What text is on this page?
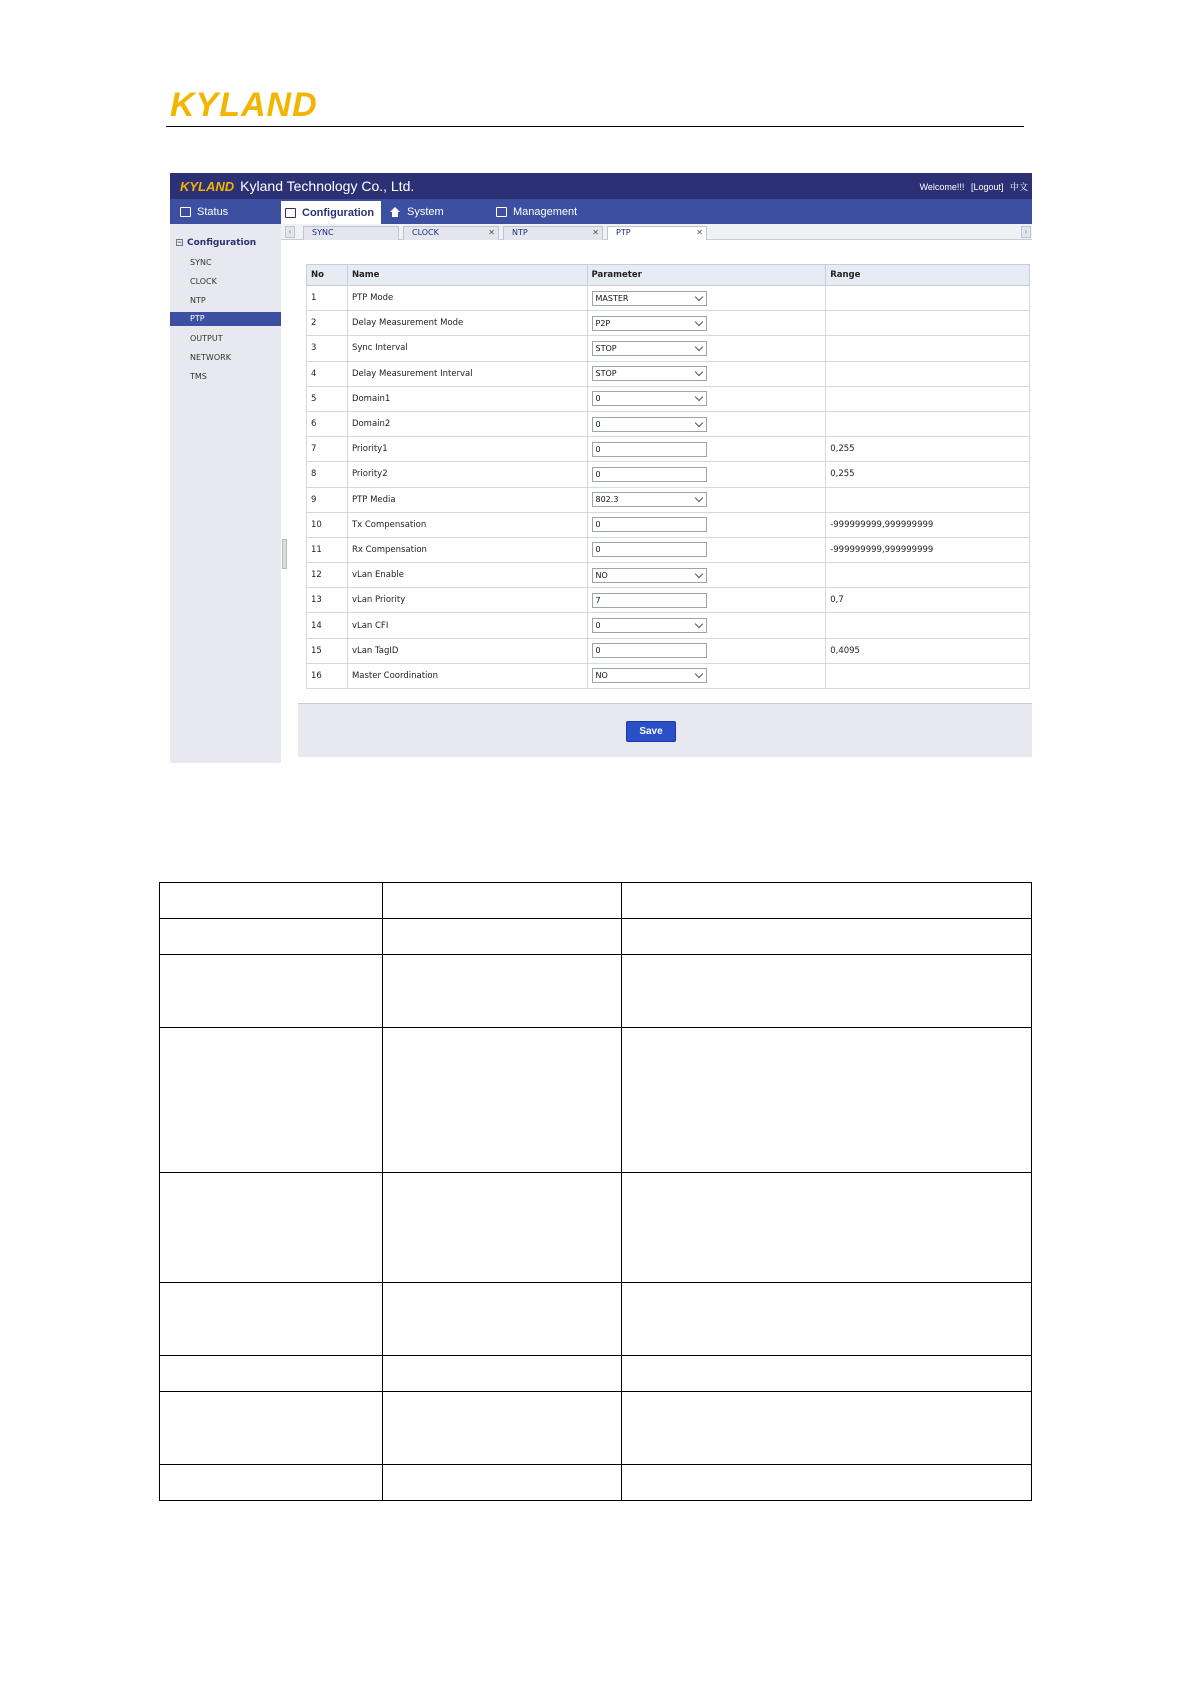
KYLAND
KYLAND Kyland Technology Co., Ltd.	Welcome!!! [Logout] 中文
Status	Configuration	System	Management
− Configuration
SYNC
CLOCK
NTP
PTP
OUTPUT
NETWORK
TMS
‹	SYNC	CLOCK	✕	NTP	✕	PTP	✕	›
No	Name	Parameter	Range
1	PTP Mode	MASTER	

2	Delay Measurement Mode	P2P	

3	Sync Interval	STOP	

4	Delay Measurement Interval	STOP	

5	Domain1	0	

6	Domain2	0	

7	Priority1	0	0,255
8	Priority2	0	0,255
9	PTP Media	802.3	

10	Tx Compensation	0	-999999999,999999999
11	Rx Compensation	0	-999999999,999999999
12	vLan Enable	NO	

13	vLan Priority	7	0,7
14	vLan CFI	0	

15	vLan TagID	0	0,4095
16	Master Coordination	NO	

Save
